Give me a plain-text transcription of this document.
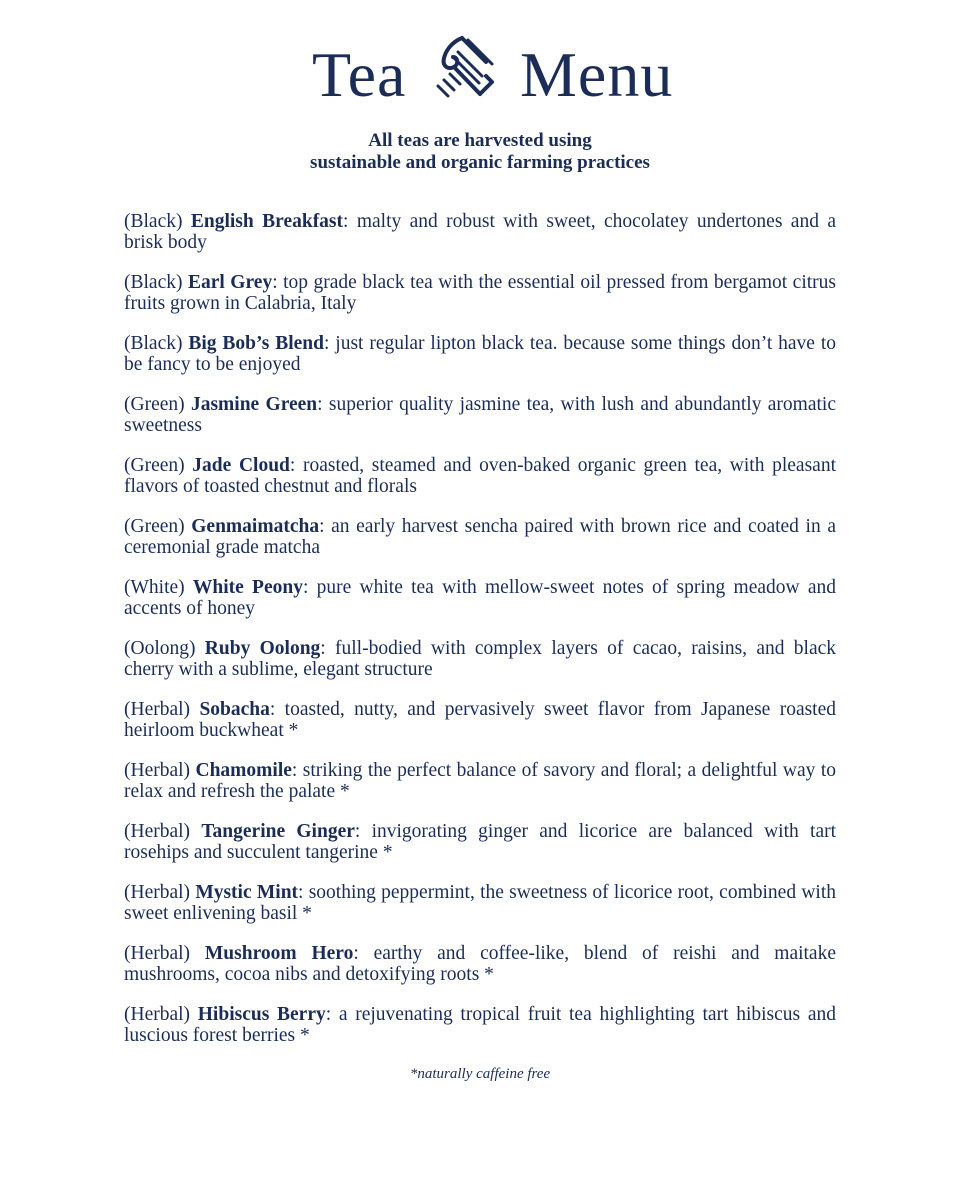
Tea Menu
All teas are harvested using
sustainable and organic farming practices
(Black) English Breakfast: malty and robust with sweet, chocolatey undertones and a brisk body
(Black) Earl Grey: top grade black tea with the essential oil pressed from bergamot citrus fruits grown in Calabria, Italy
(Black) Big Bob’s Blend: just regular lipton black tea. because some things don’t have to be fancy to be enjoyed
(Green) Jasmine Green: superior quality jasmine tea, with lush and abundantly aromatic sweetness
(Green) Jade Cloud: roasted, steamed and oven-baked organic green tea, with pleasant flavors of toasted chestnut and florals
(Green) Genmaimatcha: an early harvest sencha paired with brown rice and coated in a ceremonial grade matcha
(White) White Peony: pure white tea with mellow-sweet notes of spring meadow and accents of honey
(Oolong) Ruby Oolong: full-bodied with complex layers of cacao, raisins, and black cherry with a sublime, elegant structure
(Herbal) Sobacha: toasted, nutty, and pervasively sweet flavor from Japanese roasted heirloom buckwheat *
(Herbal) Chamomile: striking the perfect balance of savory and floral; a delightful way to relax and refresh the palate *
(Herbal) Tangerine Ginger: invigorating ginger and licorice are balanced with tart rosehips and succulent tangerine *
(Herbal) Mystic Mint: soothing peppermint, the sweetness of licorice root, combined with sweet enlivening basil *
(Herbal) Mushroom Hero: earthy and coffee-like, blend of reishi and maitake mushrooms, cocoa nibs and detoxifying roots *
(Herbal) Hibiscus Berry: a rejuvenating tropical fruit tea highlighting tart hibiscus and luscious forest berries *
*naturally caffeine free
